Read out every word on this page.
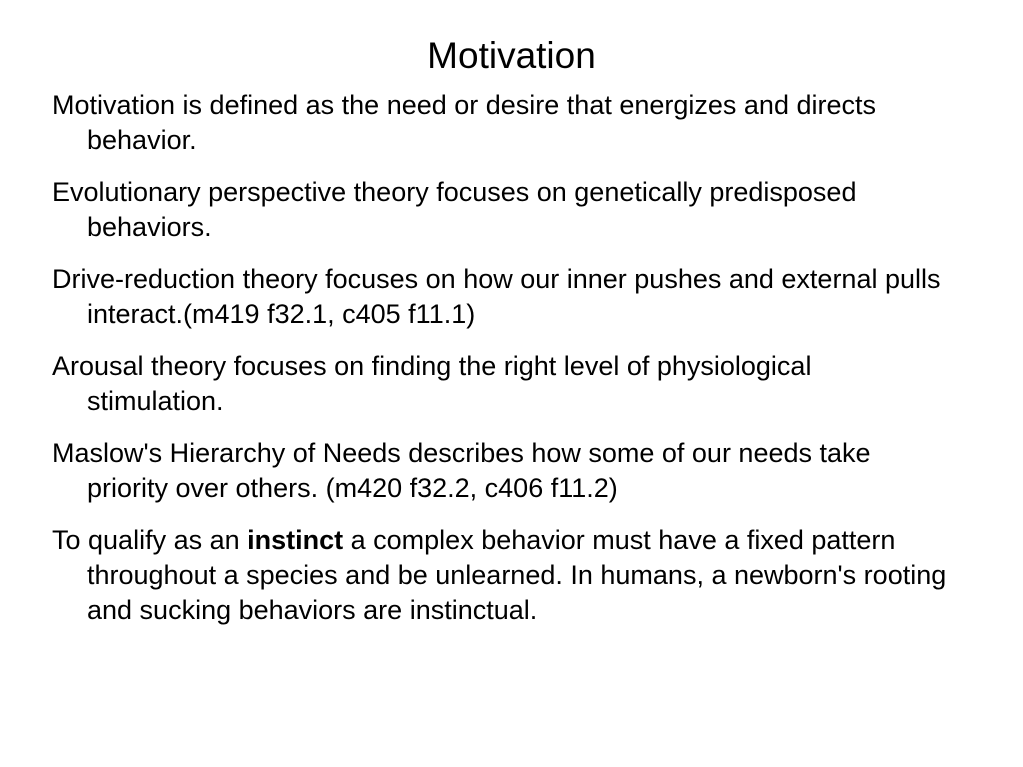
Motivation
Motivation is defined as the need or desire that energizes and directs behavior.
Evolutionary perspective theory focuses on genetically predisposed behaviors.
Drive-reduction theory focuses on how our inner pushes and external pulls interact.(m419 f32.1, c405 f11.1)
Arousal theory focuses on finding the right level of physiological stimulation.
Maslow's Hierarchy of Needs describes how some of our needs take priority over others. (m420 f32.2, c406 f11.2)
To qualify as an instinct a complex behavior must have a fixed pattern throughout a species and be unlearned. In humans, a newborn's rooting and sucking behaviors are instinctual.
